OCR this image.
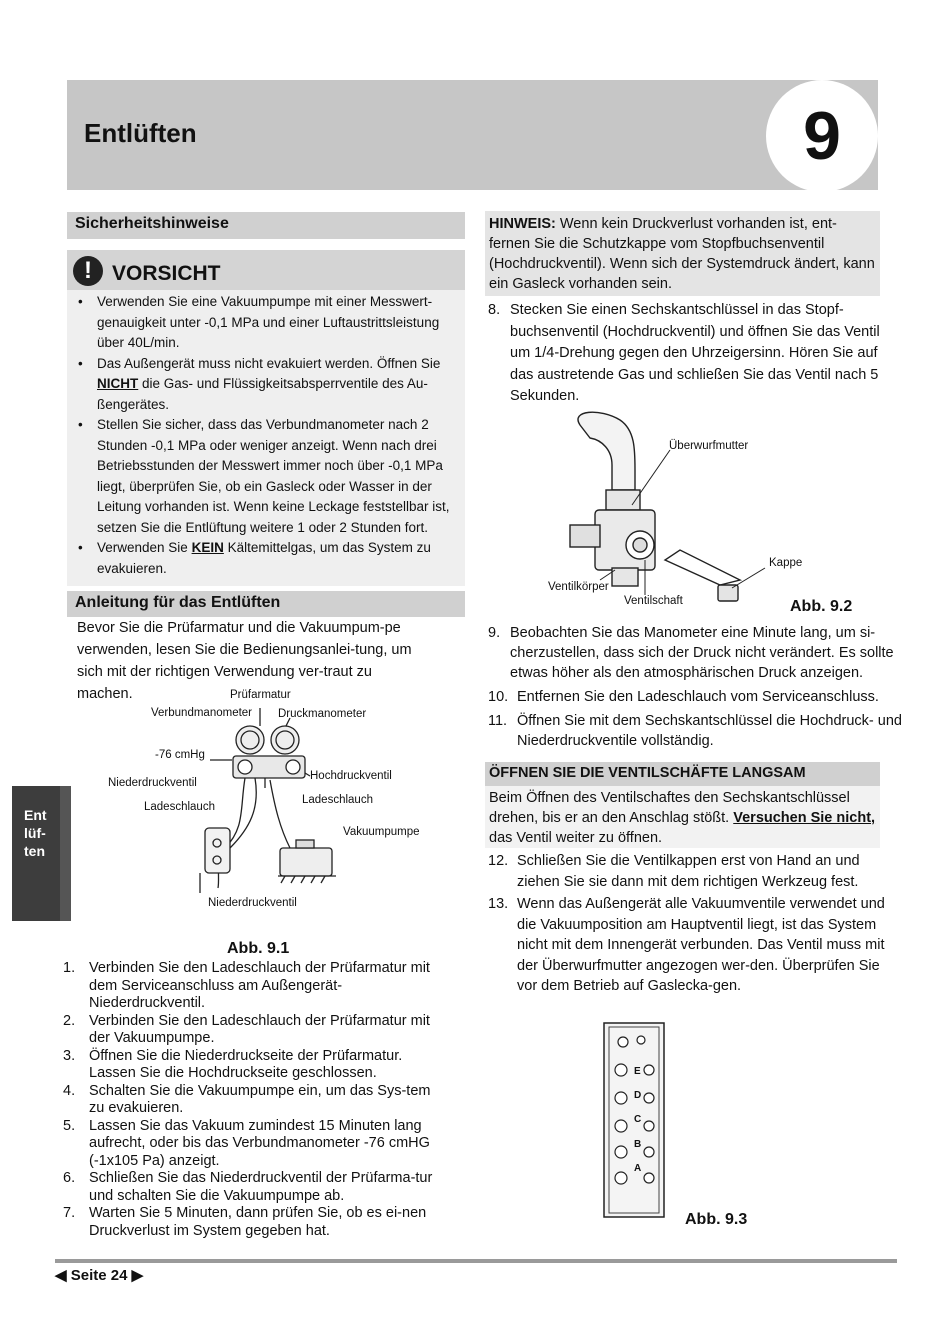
Entlüften	9
Sicherheitshinweise
! VORSICHT
• Verwenden Sie eine Vakuumpumpe mit einer Messwert-genauigkeit unter -0,1 MPa und einer Luftaustrittsleistung über 40L/min.
• Das Außengerät muss nicht evakuiert werden. Öffnen Sie NICHT die Gas- und Flüssigkeitsabsperrventile des Au-ßengerätes.
• Stellen Sie sicher, dass das Verbundmanometer nach 2 Stunden -0,1 MPa oder weniger anzeigt. Wenn nach drei Betriebsstunden der Messwert immer noch über -0,1 MPa liegt, überprüfen Sie, ob ein Gasleck oder Wasser in der Leitung vorhanden ist. Wenn keine Leckage feststellbar ist, setzen Sie die Entlüftung weitere 1 oder 2 Stunden fort.
• Verwenden Sie KEIN Kältemittelgas, um das System zu evakuieren.
Anleitung für das Entlüften
Bevor Sie die Prüfarmatur und die Vakuumpum-pe verwenden, lesen Sie die Bedienungsanlei-tung, um sich mit der richtigen Verwendung ver-traut zu machen.	Prüfarmatur
Verbundmanometer Druckmanometer
-76 cmHg
Niederdruckventil
Hochdruckventil
Ladeschlauch
Ladeschlauch
Vakuumpumpe
Niederdruckventil
Abb. 9.1
1. Verbinden Sie den Ladeschlauch der Prüfarmatur mit dem Serviceanschluss am Außengerät-Niederdruckventil.
2. Verbinden Sie den Ladeschlauch der Prüfarmatur mit der Vakuumpumpe.
3. Öffnen Sie die Niederdruckseite der Prüfarmatur. Lassen Sie die Hochdruckseite geschlossen.
4. Schalten Sie die Vakuumpumpe ein, um das Sys-tem zu evakuieren.
5. Lassen Sie das Vakuum zumindest 15 Minuten lang aufrecht, oder bis das Verbundmanometer -76 cmHG (-1x105 Pa) anzeigt.
6. Schließen Sie das Niederdruckventil der Prüfarma-tur und schalten Sie die Vakuumpumpe ab.
7. Warten Sie 5 Minuten, dann prüfen Sie, ob es ei-nen Druckverlust im System gegeben hat.
Ent
lüf-
ten
HINWEIS: Wenn kein Druckverlust vorhanden ist, ent-fernen Sie die Schutzkappe vom Stopfbuchsenventil (Hochdruckventil). Wenn sich der Systemdruck ändert, kann ein Gasleck vorhanden sein.
8. Stecken Sie einen Sechskantschlüssel in das Stopf-buchsenventil (Hochdruckventil) und öffnen Sie das Ventil um 1/4-Drehung gegen den Uhrzeigersinn. Hören Sie auf das austretende Gas und schließen Sie das Ventil nach 5 Sekunden.
Überwurfmutter
Kappe
Ventilkörper
Ventilschaft	Abb. 9.2
9. Beobachten Sie das Manometer eine Minute lang, um si-cherzustellen, dass sich der Druck nicht verändert. Es sollte etwas höher als den atmosphärischen Druck anzeigen.
10. Entfernen Sie den Ladeschlauch vom Serviceanschluss.
11. Öffnen Sie mit dem Sechskantschlüssel die Hochdruck- und Niederdruckventile vollständig.
ÖFFNEN SIE DIE VENTILSCHÄFTE LANGSAM
Beim Öffnen des Ventilschaftes den Sechskantschlüssel drehen, bis er an den Anschlag stößt. Versuchen Sie nicht, das Ventil weiter zu öffnen.
12. Schließen Sie die Ventilkappen erst von Hand an und ziehen Sie sie dann mit dem richtigen Werkzeug fest.
13. Wenn das Außengerät alle Vakuumventile verwendet und die Vakuumposition am Hauptventil liegt, ist das System nicht mit dem Innengerät verbunden. Das Ventil muss mit der Überwurfmutter angezogen wer-den. Überprüfen Sie vor dem Betrieb auf Gaslecka-gen.
E
D
C
B
A
Abb. 9.3
◀ Seite 24 ▶
